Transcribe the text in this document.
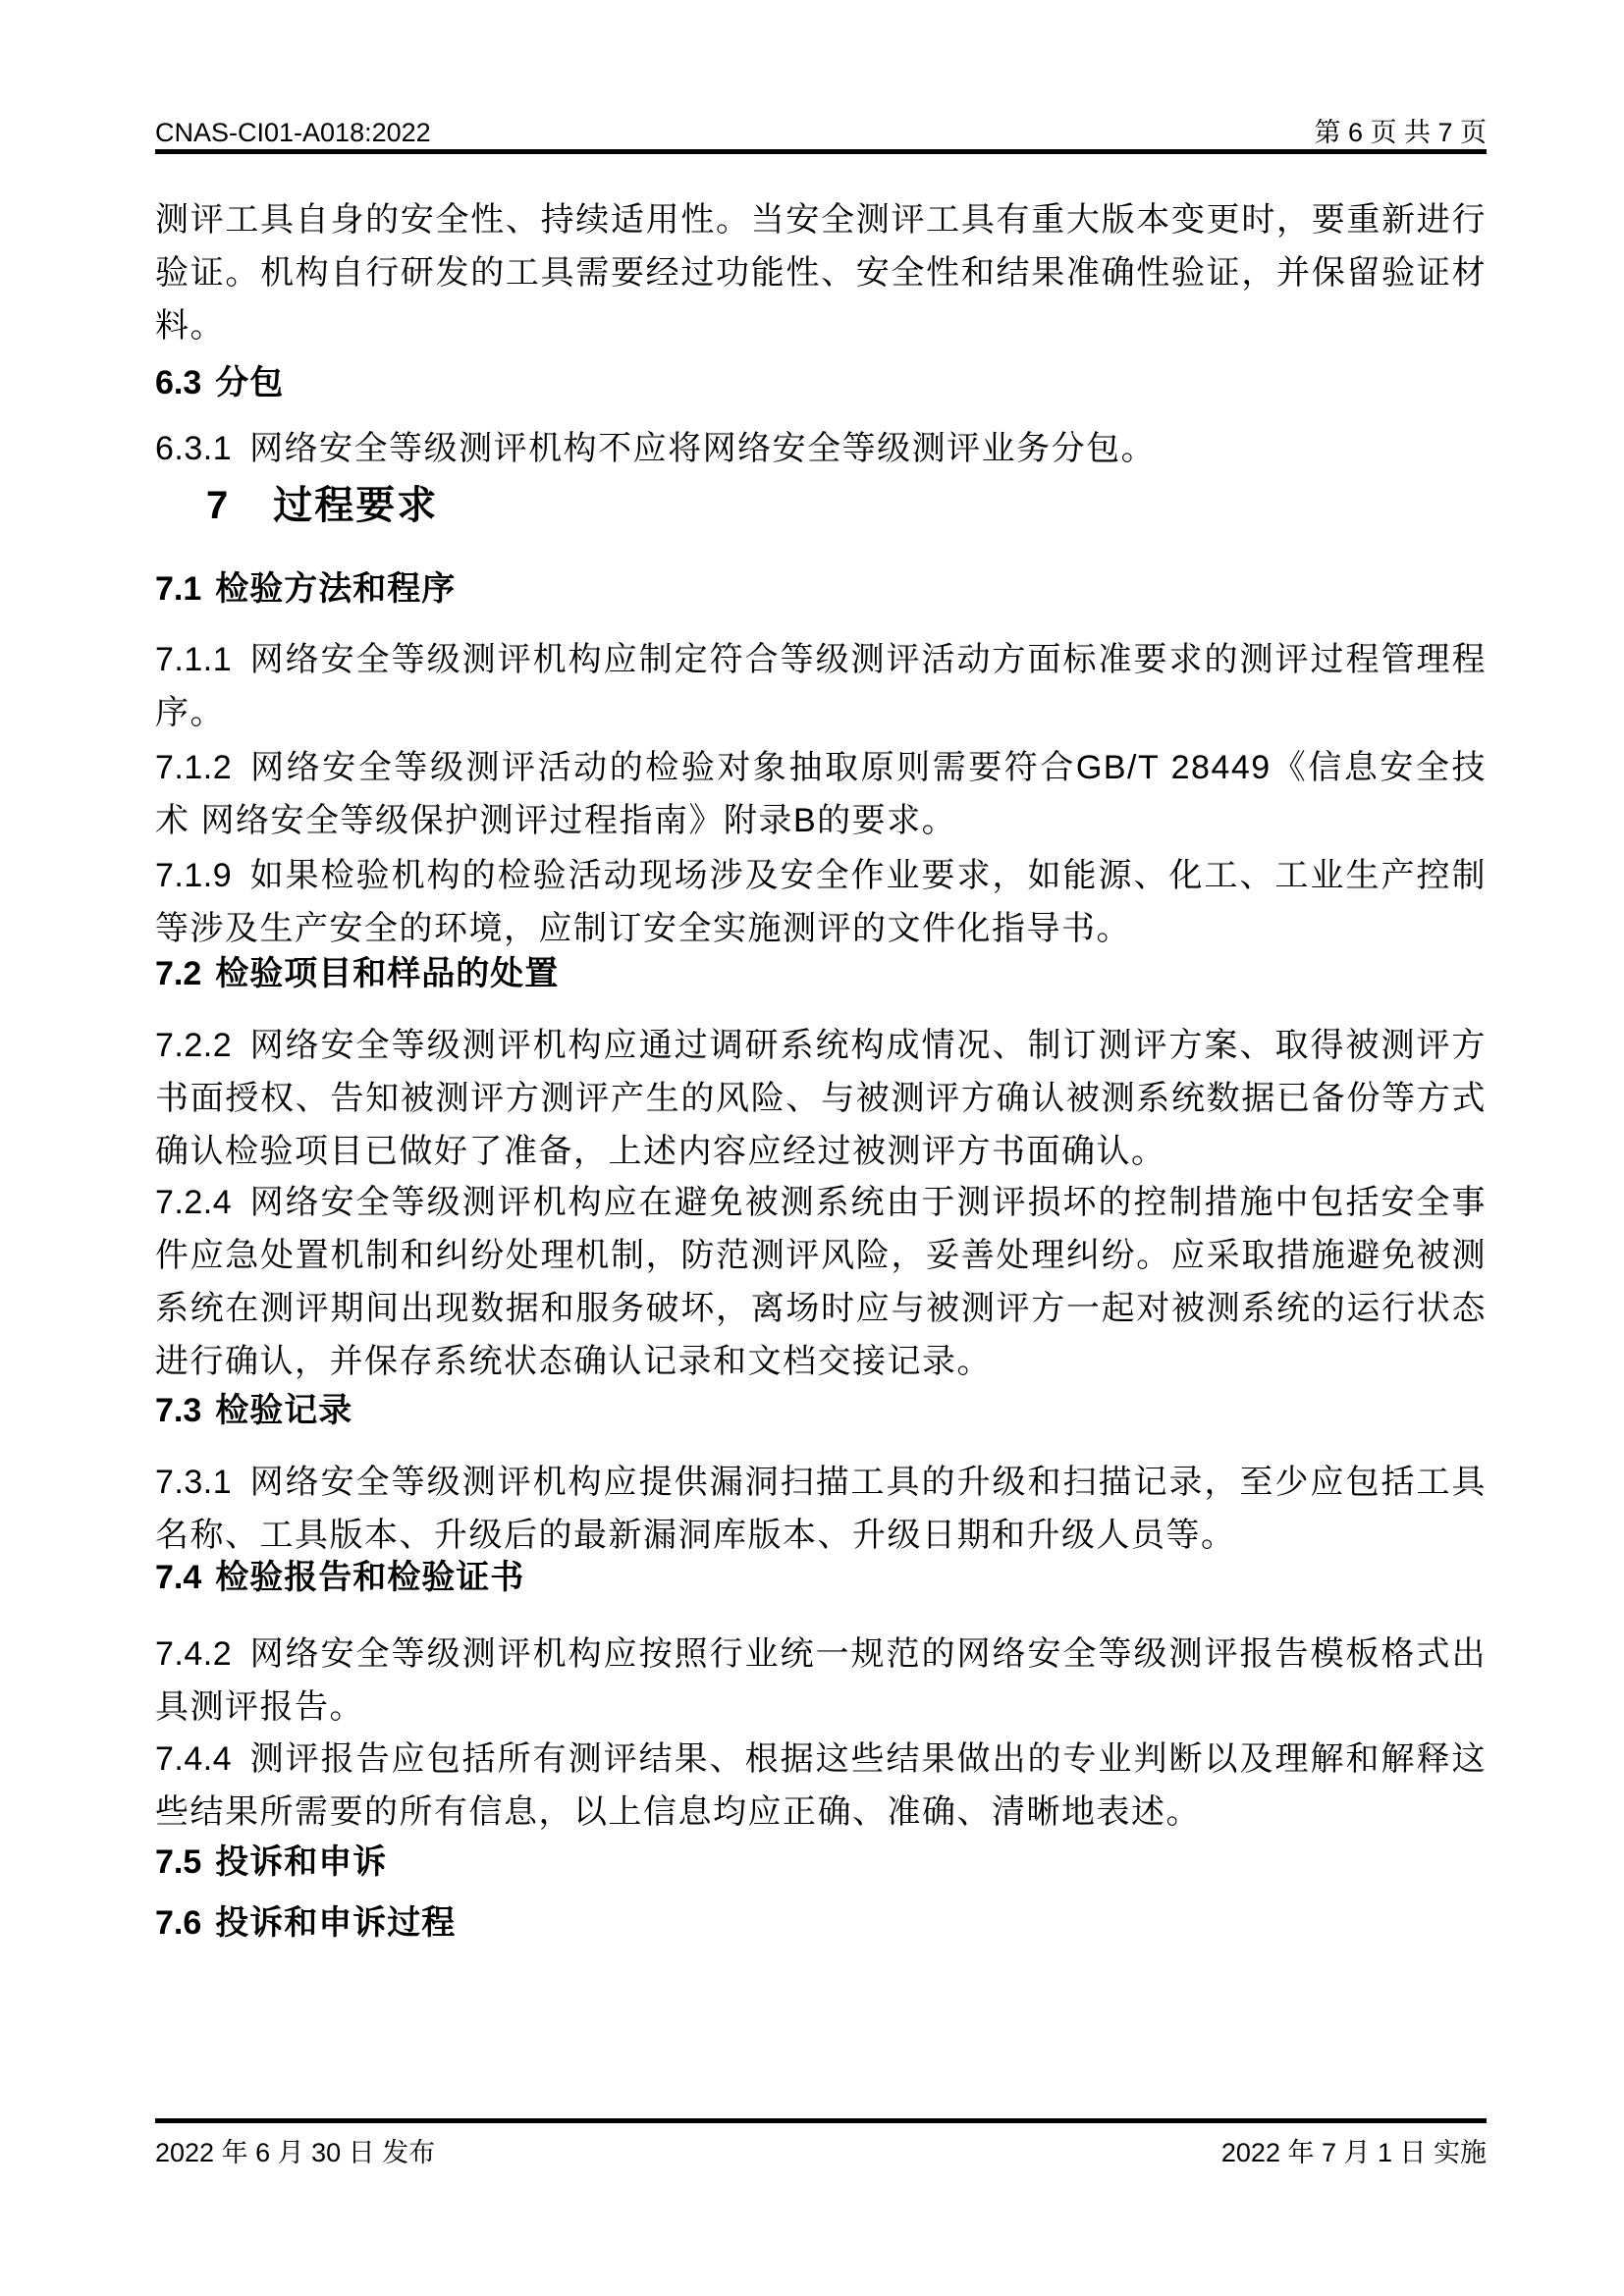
CNAS-CI01-A018:2022	第 6 页 共 7 页

测评工具自身的安全性、持续适用性。当安全测评工具有重大版本变更时，要重新进行验证。机构自行研发的工具需要经过功能性、安全性和结果准确性验证，并保留验证材料。

6.3 分包

6.3.1 网络安全等级测评机构不应将网络安全等级测评业务分包。

7 过程要求
7.1 检验方法和程序

7.1.1 网络安全等级测评机构应制定符合等级测评活动方面标准要求的测评过程管理程序。

7.1.2 网络安全等级测评活动的检验对象抽取原则需要符合GB/T 28449《信息安全技术 网络安全等级保护测评过程指南》附录B的要求。

7.1.9 如果检验机构的检验活动现场涉及安全作业要求，如能源、化工、工业生产控制等涉及生产安全的环境，应制订安全实施测评的文件化指导书。

7.2 检验项目和样品的处置

7.2.2 网络安全等级测评机构应通过调研系统构成情况、制订测评方案、取得被测评方书面授权、告知被测评方测评产生的风险、与被测评方确认被测系统数据已备份等方式确认检验项目已做好了准备，上述内容应经过被测评方书面确认。

7.2.4 网络安全等级测评机构应在避免被测系统由于测评损坏的控制措施中包括安全事件应急处置机制和纠纷处理机制，防范测评风险，妥善处理纠纷。应采取措施避免被测系统在测评期间出现数据和服务破坏，离场时应与被测评方一起对被测系统的运行状态进行确认，并保存系统状态确认记录和文档交接记录。

7.3 检验记录

7.3.1 网络安全等级测评机构应提供漏洞扫描工具的升级和扫描记录，至少应包括工具名称、工具版本、升级后的最新漏洞库版本、升级日期和升级人员等。

7.4 检验报告和检验证书

7.4.2 网络安全等级测评机构应按照行业统一规范的网络安全等级测评报告模板格式出具测评报告。

7.4.4 测评报告应包括所有测评结果、根据这些结果做出的专业判断以及理解和解释这些结果所需要的所有信息，以上信息均应正确、准确、清晰地表述。

7.5 投诉和申诉
7.6 投诉和申诉过程
2022 年 6 月 30 日 发布	2022 年 7 月 1 日 实施
